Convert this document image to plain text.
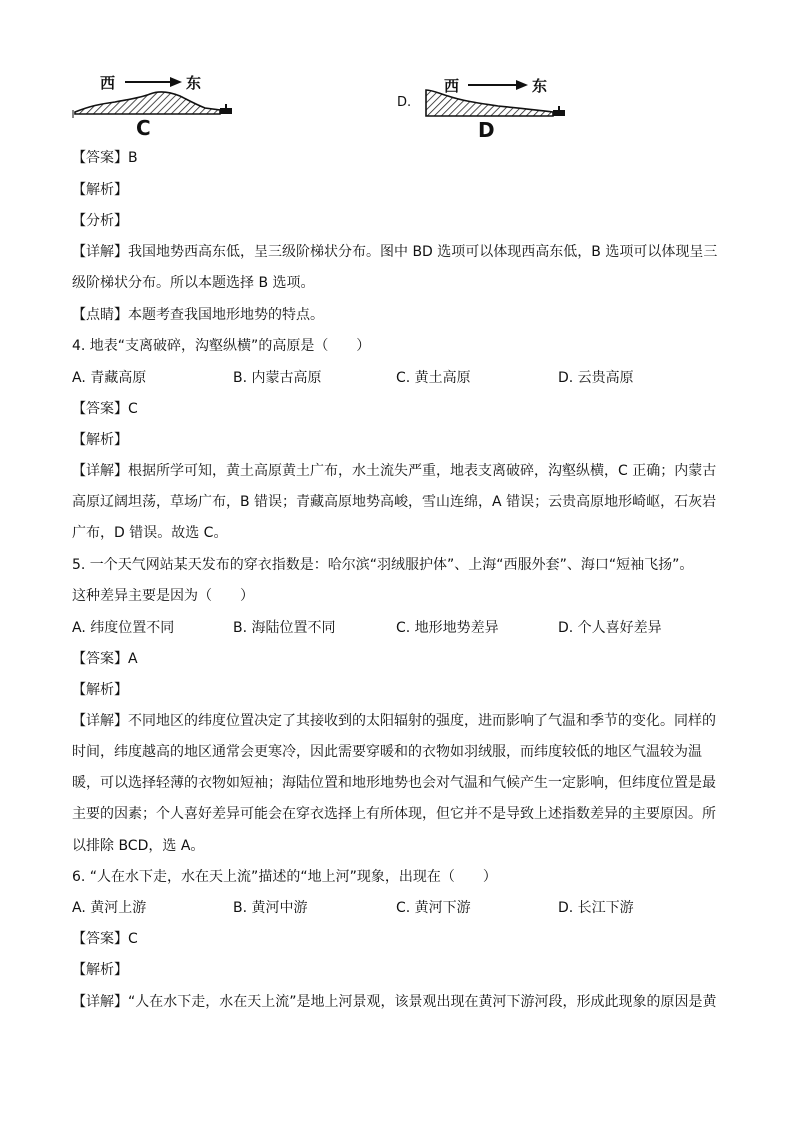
西	东
C
D.
西	东
D
【答案】B
【解析】
【分析】
【详解】我国地势西高东低，呈三级阶梯状分布。图中 BD 选项可以体现西高东低，B 选项可以体现呈三
级阶梯状分布。所以本题选择 B 选项。
【点睛】本题考查我国地形地势的特点。
4. 地表“支离破碎，沟壑纵横”的高原是（　　）
A. 青藏高原	B. 内蒙古高原	C. 黄土高原	D. 云贵高原
【答案】C
【解析】
【详解】根据所学可知，黄土高原黄土广布，水土流失严重，地表支离破碎，沟壑纵横，C 正确；内蒙古
高原辽阔坦荡，草场广布，B 错误；青藏高原地势高峻，雪山连绵，A 错误；云贵高原地形崎岖，石灰岩
广布，D 错误。故选 C。
5. 一个天气网站某天发布的穿衣指数是：哈尔滨“羽绒服护体”、上海“西服外套”、海口“短袖飞扬”。
这种差异主要是因为（　　）
A. 纬度位置不同	B. 海陆位置不同	C. 地形地势差异	D. 个人喜好差异
【答案】A
【解析】
【详解】不同地区的纬度位置决定了其接收到的太阳辐射的强度，进而影响了气温和季节的变化。同样的
时间，纬度越高的地区通常会更寒冷，因此需要穿暖和的衣物如羽绒服，而纬度较低的地区气温较为温
暖，可以选择轻薄的衣物如短袖；海陆位置和地形地势也会对气温和气候产生一定影响，但纬度位置是最
主要的因素；个人喜好差异可能会在穿衣选择上有所体现，但它并不是导致上述指数差异的主要原因。所
以排除 BCD，选 A。
6. “人在水下走，水在天上流”描述的“地上河”现象，出现在（　　）
A. 黄河上游	B. 黄河中游	C. 黄河下游	D. 长江下游
【答案】C
【解析】
【详解】“人在水下走，水在天上流”是地上河景观，该景观出现在黄河下游河段，形成此现象的原因是黄
